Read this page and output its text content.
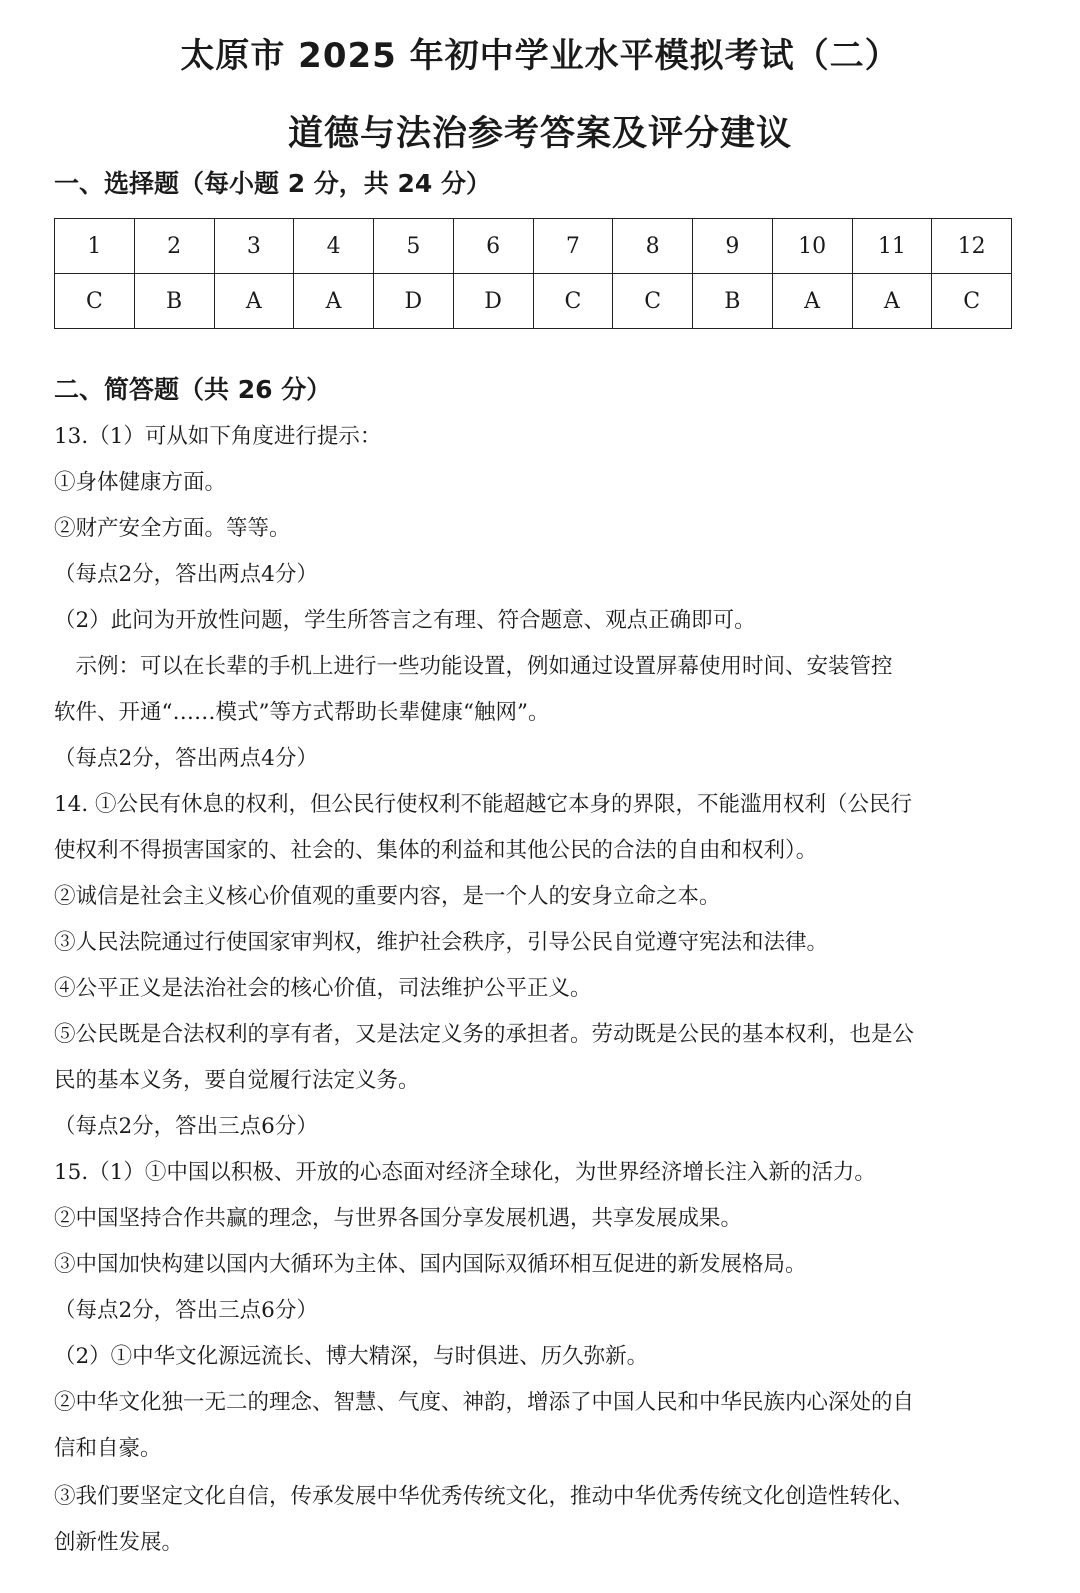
太原市 2025 年初中学业水平模拟考试（二）
道德与法治参考答案及评分建议
一、选择题（每小题 2 分，共 24 分）
1	2	3	4	5	6	7	8	9	10	11	12
C	B	A	A	D	D	C	C	B	A	A	C
二、简答题（共 26 分）
13.（1）可从如下角度进行提示：
①身体健康方面。
②财产安全方面。等等。
（每点2分，答出两点4分）
（2）此问为开放性问题，学生所答言之有理、符合题意、观点正确即可。
　示例：可以在长辈的手机上进行一些功能设置，例如通过设置屏幕使用时间、安装管控
软件、开通“……模式”等方式帮助长辈健康“触网”。
（每点2分，答出两点4分）
14. ①公民有休息的权利，但公民行使权利不能超越它本身的界限，不能滥用权利（公民行
使权利不得损害国家的、社会的、集体的利益和其他公民的合法的自由和权利）。
②诚信是社会主义核心价值观的重要内容，是一个人的安身立命之本。
③人民法院通过行使国家审判权，维护社会秩序，引导公民自觉遵守宪法和法律。
④公平正义是法治社会的核心价值，司法维护公平正义。
⑤公民既是合法权利的享有者，又是法定义务的承担者。劳动既是公民的基本权利，也是公
民的基本义务，要自觉履行法定义务。
（每点2分，答出三点6分）
15.（1）①中国以积极、开放的心态面对经济全球化，为世界经济增长注入新的活力。
②中国坚持合作共赢的理念，与世界各国分享发展机遇，共享发展成果。
③中国加快构建以国内大循环为主体、国内国际双循环相互促进的新发展格局。
（每点2分，答出三点6分）
（2）①中华文化源远流长、博大精深，与时俱进、历久弥新。
②中华文化独一无二的理念、智慧、气度、神韵，增添了中国人民和中华民族内心深处的自
信和自豪。
③我们要坚定文化自信，传承发展中华优秀传统文化，推动中华优秀传统文化创造性转化、
创新性发展。
